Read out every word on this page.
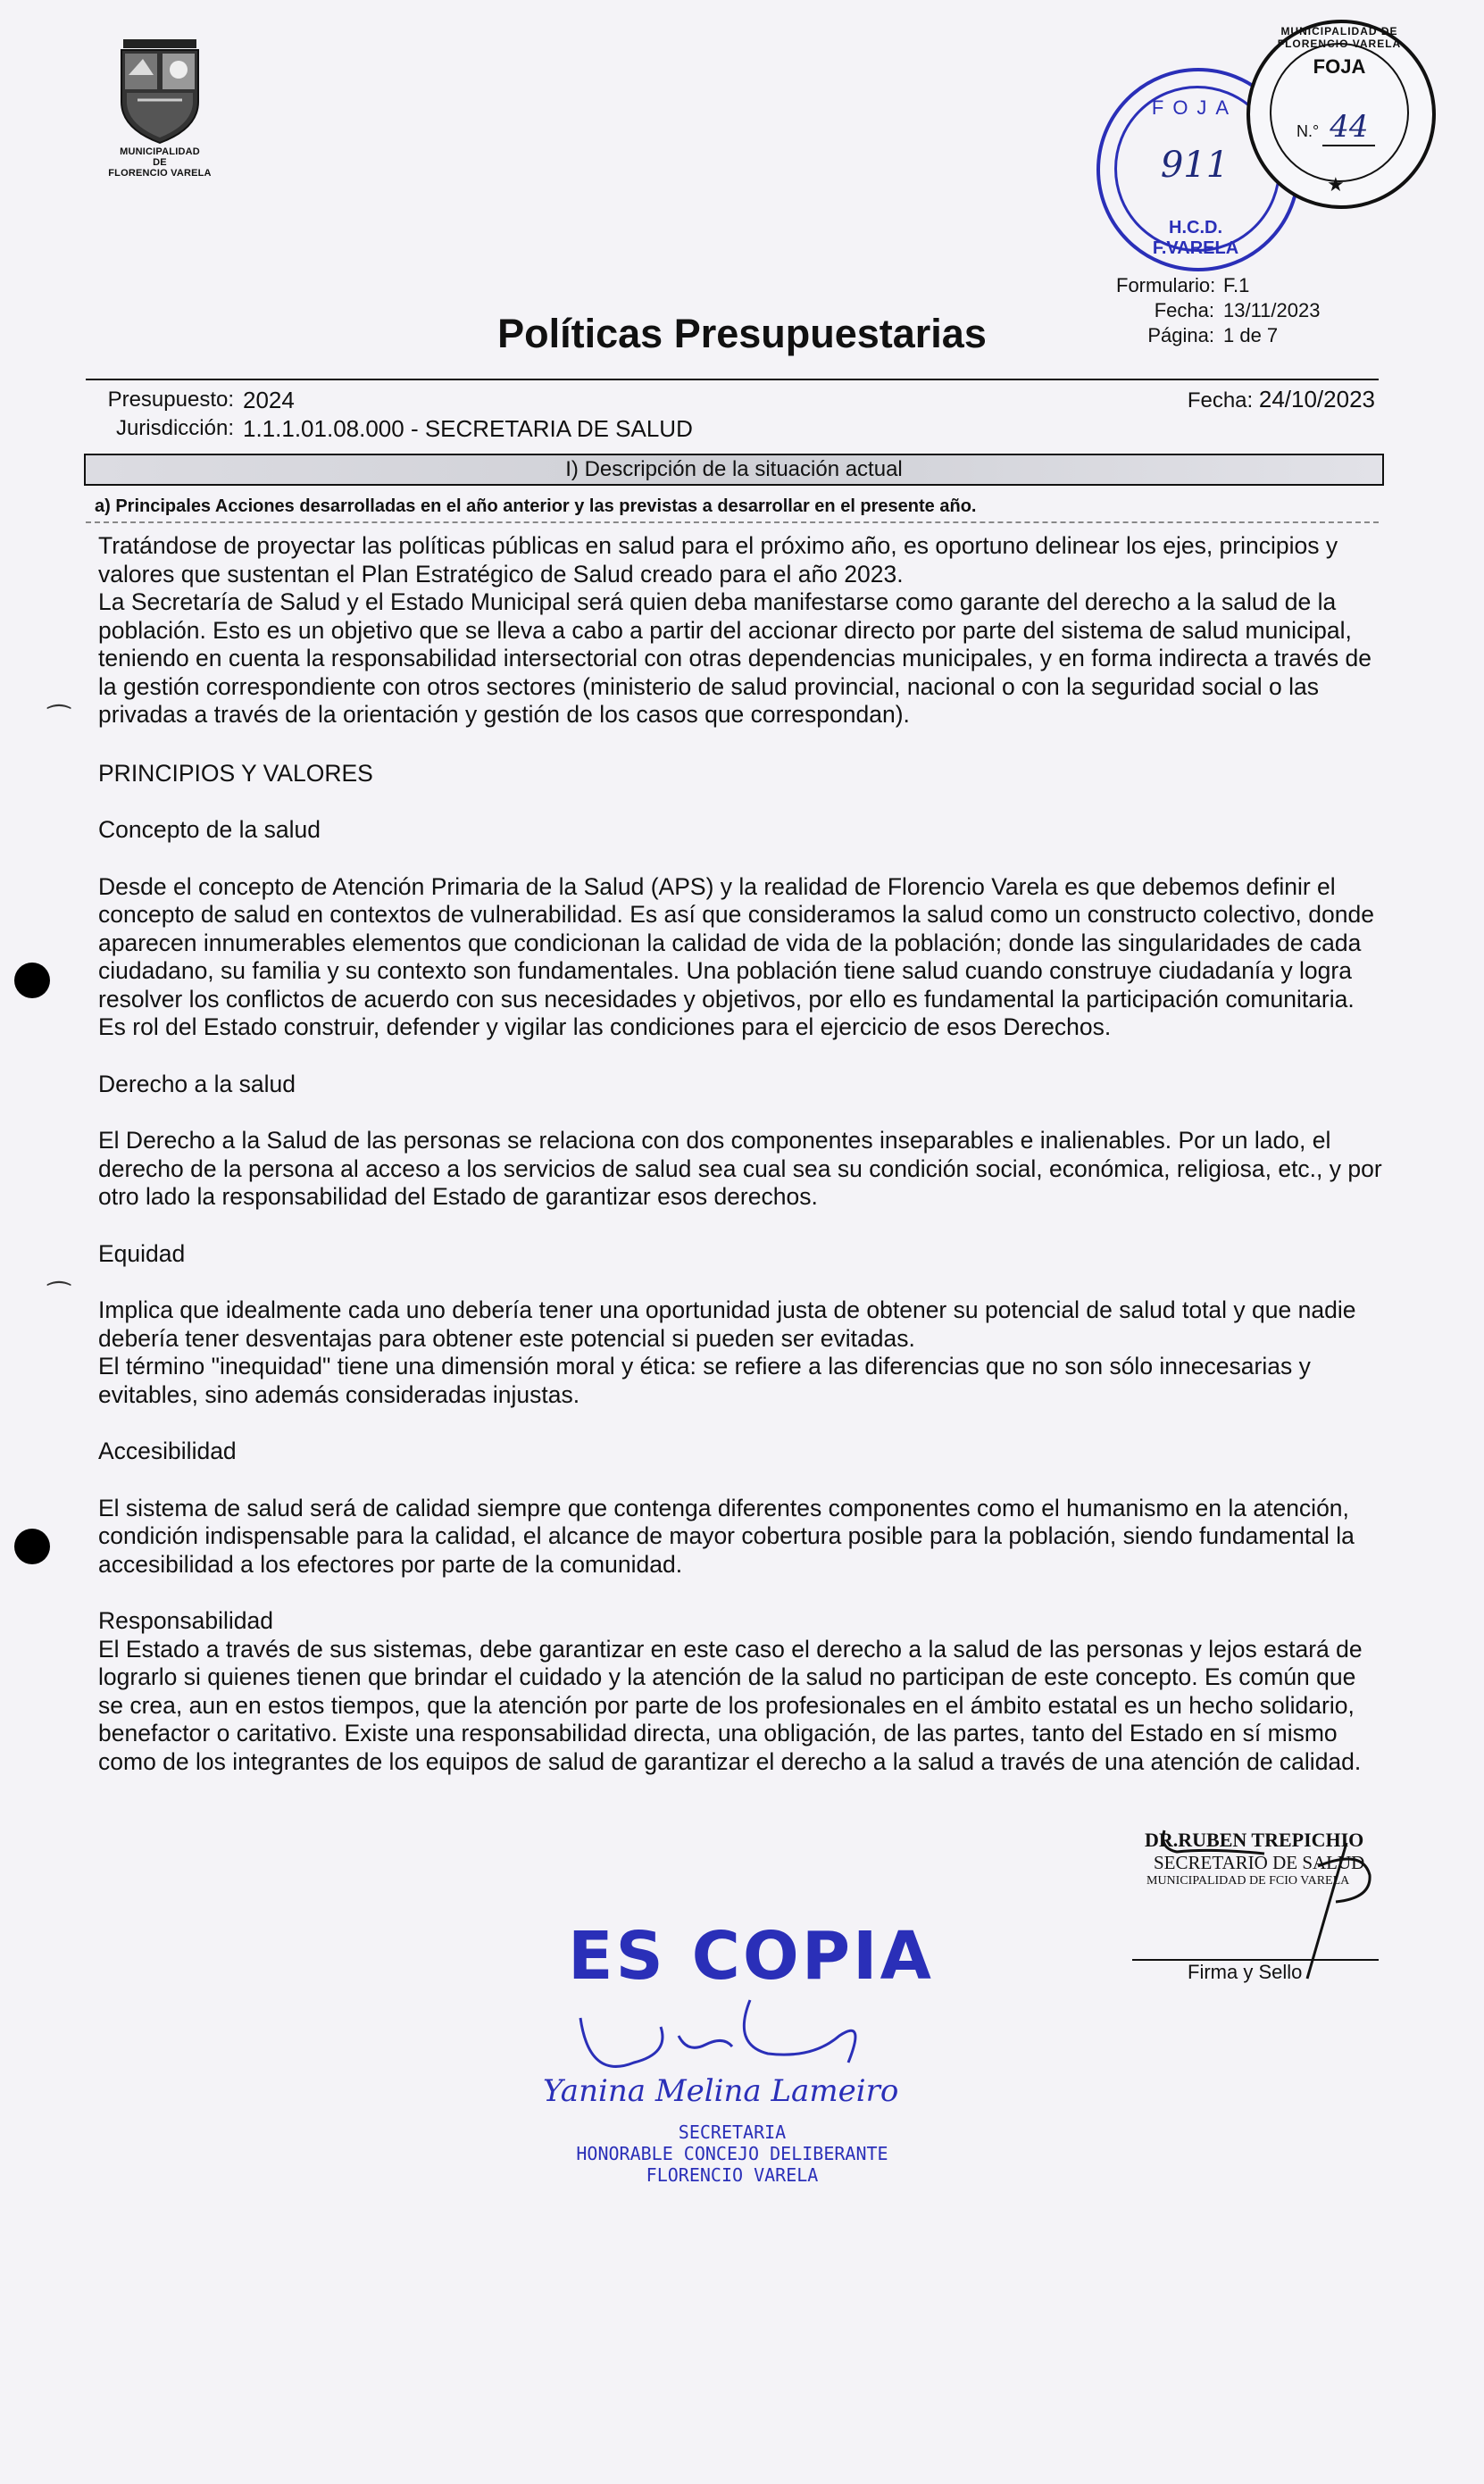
MUNICIPALIDAD
DE
FLORENCIO VARELA
FOJA
911
H.C.D. F.VARELA
MUNICIPALIDAD DE FLORENCIO VARELA
FOJA
N.° 44
★
Formulario: F.1
Fecha: 13/11/2023
Página: 1 de 7
Políticas Presupuestarias
Presupuesto: 2024
Jurisdicción: 1.1.1.01.08.000 - SECRETARIA DE SALUD
Fecha: 24/10/2023
I) Descripción de la situación actual
a) Principales Acciones desarrolladas en el año anterior y las previstas a desarrollar en el presente año.

Tratándose de proyectar las políticas públicas en salud para el próximo año, es oportuno delinear los ejes, principios y valores que sustentan el Plan Estratégico de Salud creado para el año 2023.

La Secretaría de Salud y el Estado Municipal será quien deba manifestarse como garante del derecho a la salud de la población. Esto es un objetivo que se lleva a cabo a partir del accionar directo por parte del sistema de salud municipal, teniendo en cuenta la responsabilidad intersectorial con otras dependencias municipales, y en forma indirecta a través de la gestión correspondiente con otros sectores (ministerio de salud provincial, nacional o con la seguridad social o las privadas a través de la orientación y gestión de los casos que correspondan).

PRINCIPIOS Y VALORES

Concepto de la salud

Desde el concepto de Atención Primaria de la Salud (APS) y la realidad de Florencio Varela es que debemos definir el concepto de salud en contextos de vulnerabilidad. Es así que consideramos la salud como un constructo colectivo, donde aparecen innumerables elementos que condicionan la calidad de vida de la población; donde las singularidades de cada ciudadano, su familia y su contexto son fundamentales. Una población tiene salud cuando construye ciudadanía y logra resolver los conflictos de acuerdo con sus necesidades y objetivos, por ello es fundamental la participación comunitaria. Es rol del Estado construir, defender y vigilar las condiciones para el ejercicio de esos Derechos.

Derecho a la salud

El Derecho a la Salud de las personas se relaciona con dos componentes inseparables e inalienables. Por un lado, el derecho de la persona al acceso a los servicios de salud sea cual sea su condición social, económica, religiosa, etc., y por otro lado la responsabilidad del Estado de garantizar esos derechos.

Equidad

Implica que idealmente cada uno debería tener una oportunidad justa de obtener su potencial de salud total y que nadie debería tener desventajas para obtener este potencial si pueden ser evitadas.

El término "inequidad" tiene una dimensión moral y ética: se refiere a las diferencias que no son sólo innecesarias y evitables, sino además consideradas injustas.

Accesibilidad

El sistema de salud será de calidad siempre que contenga diferentes componentes como el humanismo en la atención, condición indispensable para la calidad, el alcance de mayor cobertura posible para la población, siendo fundamental la accesibilidad a los efectores por parte de la comunidad.

Responsabilidad

El Estado a través de sus sistemas, debe garantizar en este caso el derecho a la salud de las personas y lejos estará de lograrlo si quienes tienen que brindar el cuidado y la atención de la salud no participan de este concepto. Es común que se crea, aun en estos tiempos, que la atención por parte de los profesionales en el ámbito estatal es un hecho solidario, benefactor o caritativo. Existe una responsabilidad directa, una obligación, de las partes, tanto del Estado en sí mismo como de los integrantes de los equipos de salud de garantizar el derecho a la salud a través de una atención de calidad.

⁀
⁀
DR.RUBEN TREPICHIO
SECRETARIO DE SALUD
MUNICIPALIDAD DE FCIO VARELA
Firma y Sello
ES COPIA
Yanina Melina Lameiro
SECRETARIA
HONORABLE CONCEJO DELIBERANTE
FLORENCIO VARELA
